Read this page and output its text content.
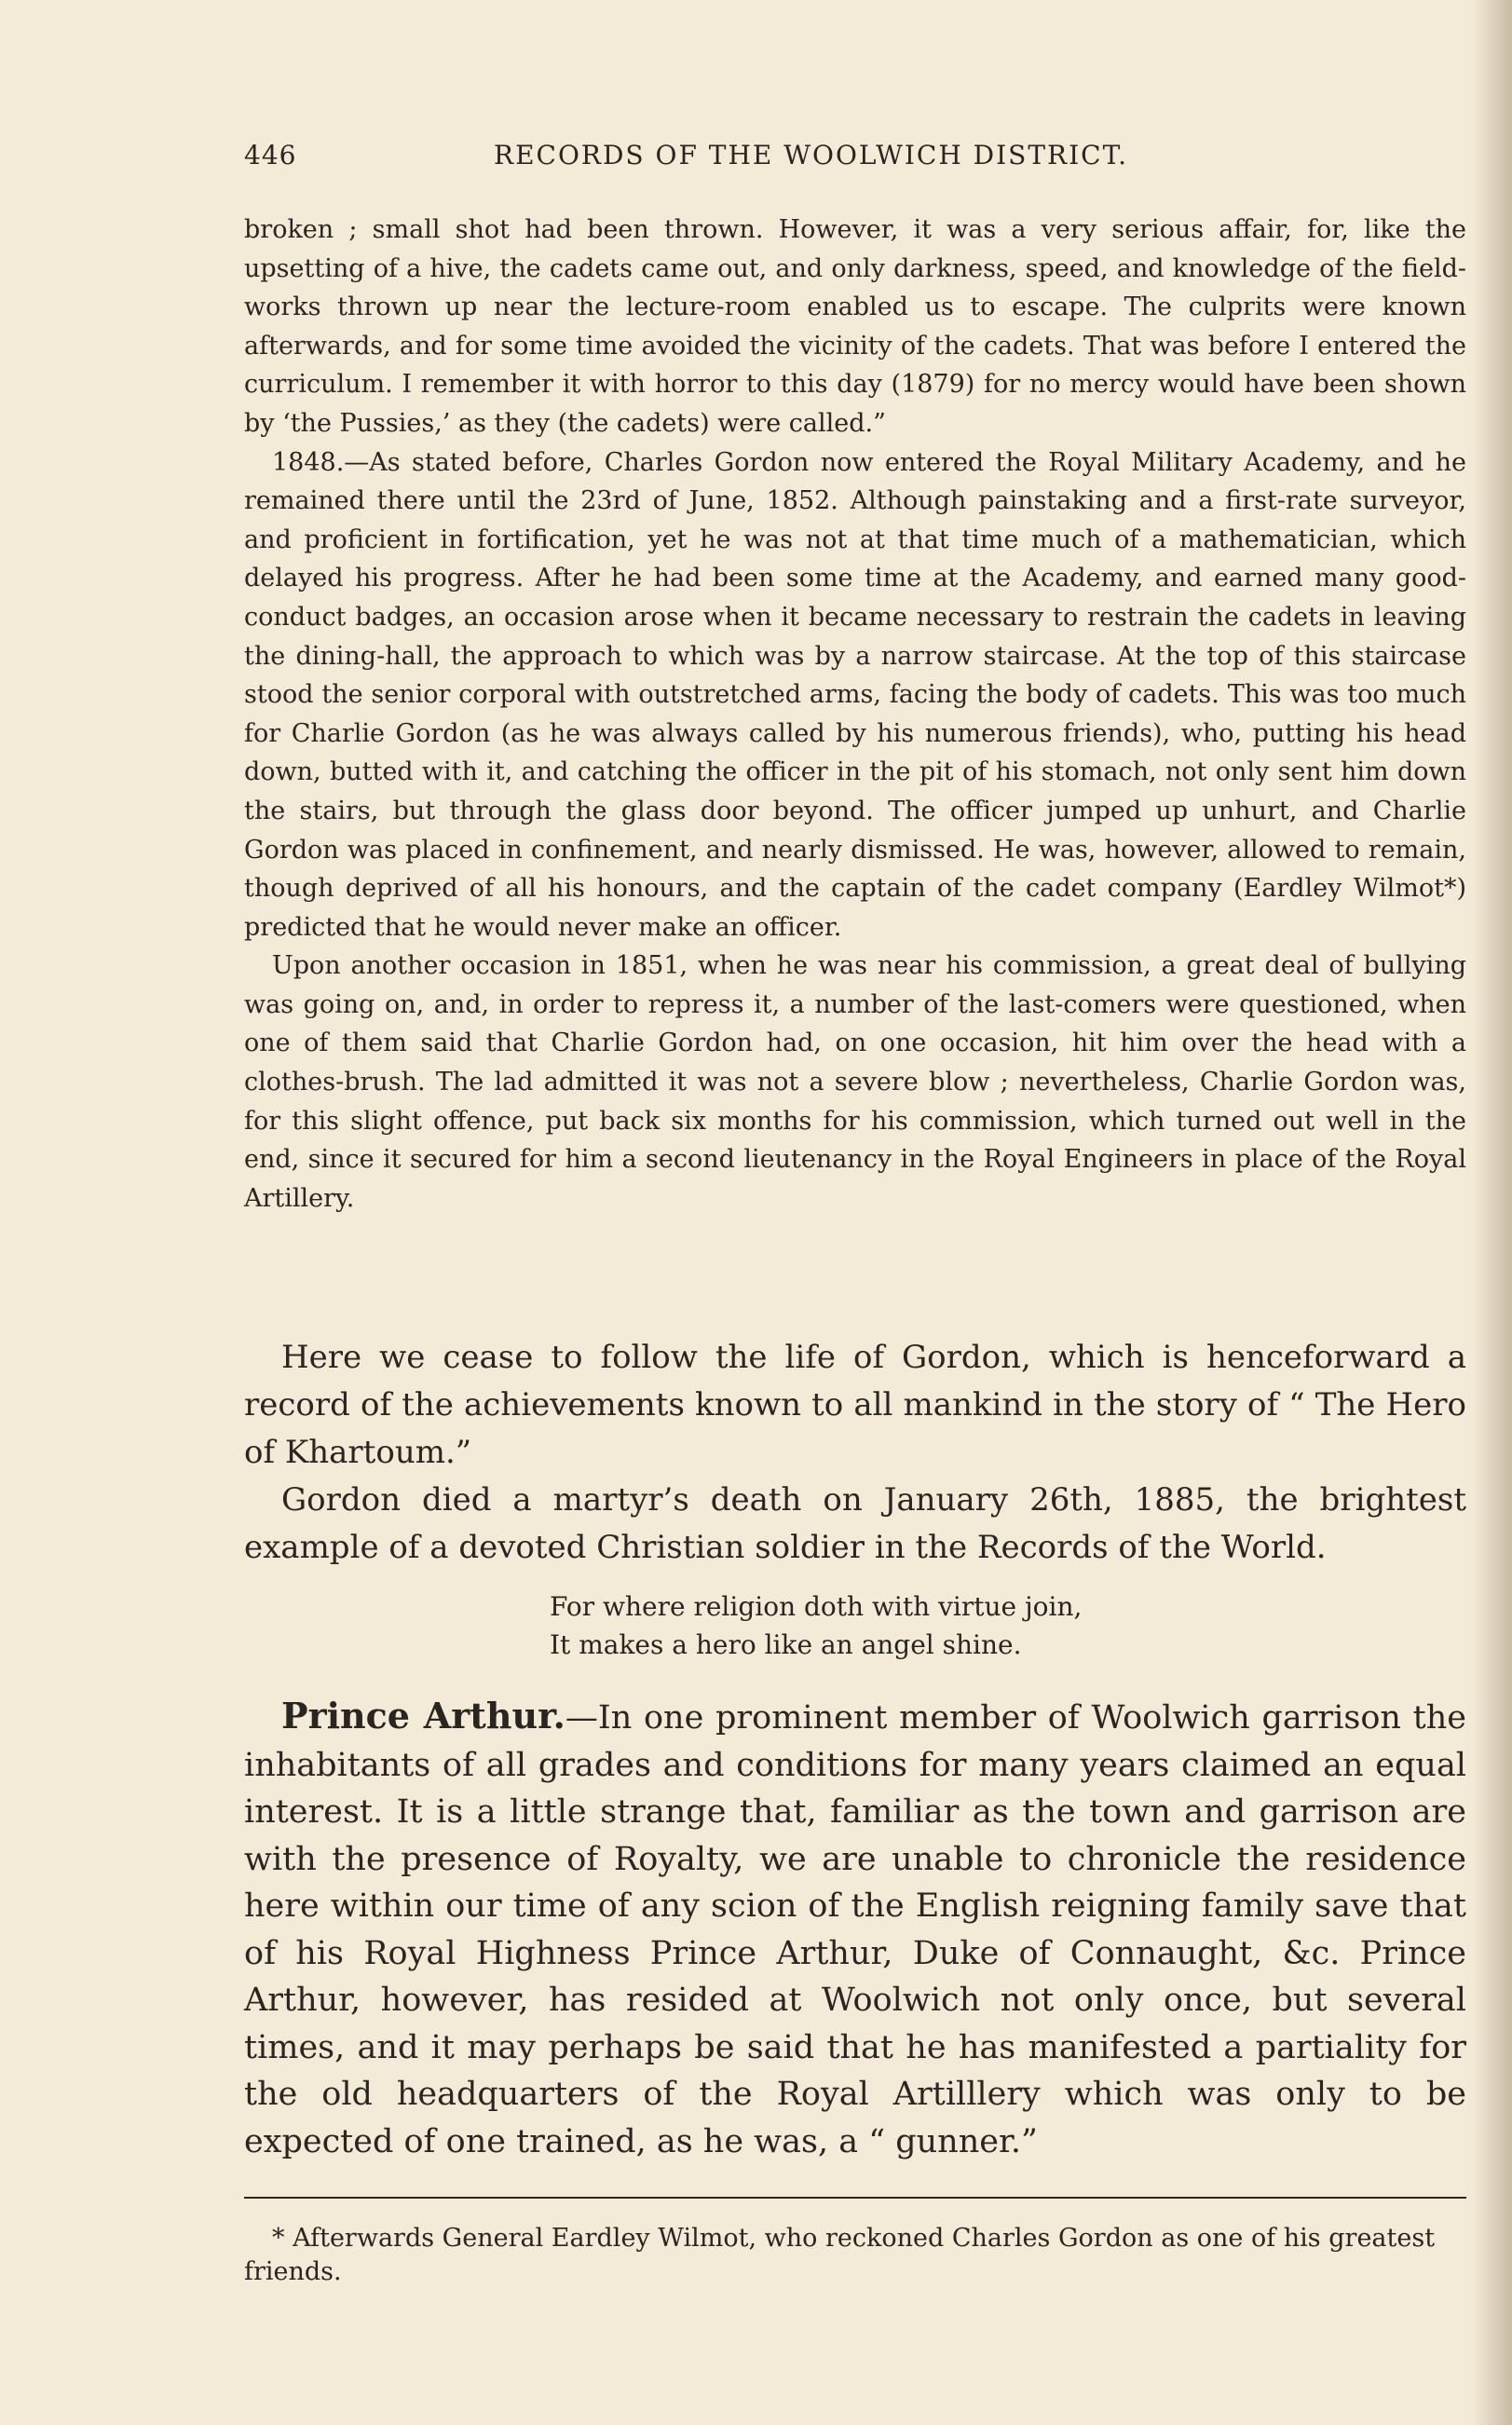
446	RECORDS OF THE WOOLWICH DISTRICT.

broken ; small shot had been thrown. However, it was a very serious affair, for, like the upsetting of a hive, the cadets came out, and only darkness, speed, and knowledge of the field-works thrown up near the lecture-room enabled us to escape. The culprits were known afterwards, and for some time avoided the vicinity of the cadets. That was before I entered the curriculum. I remember it with horror to this day (1879) for no mercy would have been shown by ‘the Pussies,’ as they (the cadets) were called.”

1848.—As stated before, Charles Gordon now entered the Royal Military Academy, and he remained there until the 23rd of June, 1852. Although painstaking and a first-rate surveyor, and proficient in fortification, yet he was not at that time much of a mathematician, which delayed his progress. After he had been some time at the Academy, and earned many good-conduct badges, an occasion arose when it became necessary to restrain the cadets in leaving the dining-hall, the approach to which was by a narrow staircase. At the top of this staircase stood the senior corporal with outstretched arms, facing the body of cadets. This was too much for Charlie Gordon (as he was always called by his numerous friends), who, putting his head down, butted with it, and catching the officer in the pit of his stomach, not only sent him down the stairs, but through the glass door beyond. The officer jumped up unhurt, and Charlie Gordon was placed in confinement, and nearly dismissed. He was, however, allowed to remain, though deprived of all his honours, and the captain of the cadet company (Eardley Wilmot*) predicted that he would never make an officer.

Upon another occasion in 1851, when he was near his commission, a great deal of bullying was going on, and, in order to repress it, a number of the last-comers were questioned, when one of them said that Charlie Gordon had, on one occasion, hit him over the head with a clothes-brush. The lad admitted it was not a severe blow ; nevertheless, Charlie Gordon was, for this slight offence, put back six months for his commission, which turned out well in the end, since it secured for him a second lieutenancy in the Royal Engineers in place of the Royal Artillery.

Here we cease to follow the life of Gordon, which is henceforward a record of the achievements known to all mankind in the story of “ The Hero of Khartoum.”

Gordon died a martyr’s death on January 26th, 1885, the brightest example of a devoted Christian soldier in the Records of the World.

For where religion doth with virtue join,
It makes a hero like an angel shine.

Prince Arthur.—In one prominent member of Woolwich garrison the inhabitants of all grades and conditions for many years claimed an equal interest. It is a little strange that, familiar as the town and garrison are with the presence of Royalty, we are unable to chronicle the residence here within our time of any scion of the English reigning family save that of his Royal Highness Prince Arthur, Duke of Connaught, &c. Prince Arthur, however, has resided at Woolwich not only once, but several times, and it may perhaps be said that he has manifested a partiality for the old headquarters of the Royal Artilllery which was only to be expected of one trained, as he was, a “ gunner.”

* Afterwards General Eardley Wilmot, who reckoned Charles Gordon as one of his greatest friends.
